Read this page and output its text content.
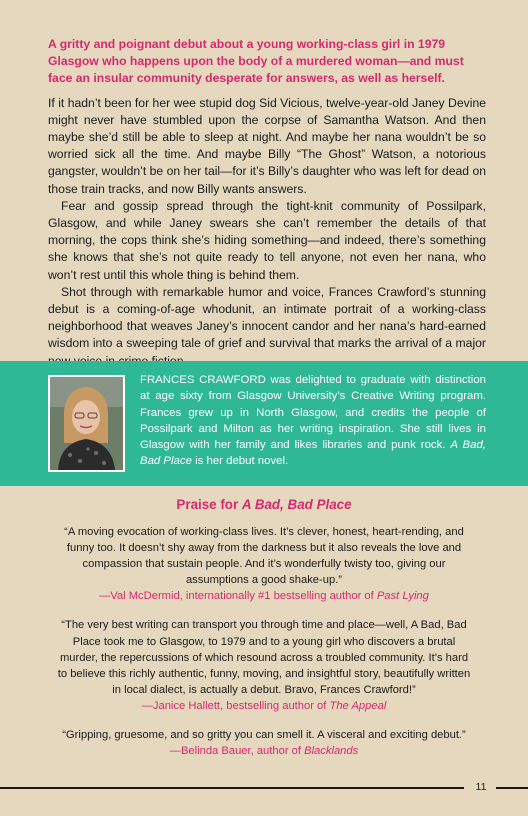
A gritty and poignant debut about a young working-class girl in 1979 Glasgow who happens upon the body of a murdered woman—and must face an insular community desperate for answers, as well as herself.

If it hadn’t been for her wee stupid dog Sid Vicious, twelve-year-old Janey Devine might never have stumbled upon the corpse of Samantha Watson. And then maybe she’d still be able to sleep at night. And maybe her nana wouldn’t be so worried sick all the time. And maybe Billy “The Ghost” Watson, a notorious gangster, wouldn’t be on her tail—for it’s Billy’s daughter who was left for dead on those train tracks, and now Billy wants answers.

Fear and gossip spread through the tight-knit community of Possilpark, Glasgow, and while Janey swears she can’t remember the details of that morning, the cops think she’s hiding something—and indeed, there’s something she knows that she’s not quite ready to tell anyone, not even her nana, who won’t rest until this whole thing is behind them.

Shot through with remarkable humor and voice, Frances Crawford’s stunning debut is a coming-of-age whodunit, an intimate portrait of a working-class neighborhood that weaves Janey’s innocent candor and her nana’s hard-earned wisdom into a sweeping tale of grief and survival that marks the arrival of a major

FRANCES CRAWFORD was delighted to graduate with distinction at age sixty from Glasgow University’s Creative Writing program. Frances grew up in North Glasgow, and credits the people of Possilpark and Milton as her writing inspiration. She still lives in Glasgow with her family and likes libraries and punk rock. A Bad, Bad Place is her debut novel.

Praise for A Bad, Bad Place

“A moving evocation of working-class lives. It’s clever, honest, heart-rending, and funny too. It doesn’t shy away from the darkness but it also reveals the love and compassion that sustain people. And it’s wonderfully twisty too, giving our assumptions a good shake-up.”

—Val McDermid, internationally #1 bestselling author of Past Lying

“The very best writing can transport you through time and place—well, A Bad, Bad Place took me to Glasgow, to 1979 and to a young girl who discovers a brutal murder, the repercussions of which resound across a troubled community. It’s hard to believe this richly authentic, funny, moving, and insightful story, beautifully written in local dialect, is actually a debut. Bravo, Frances Crawford!”

—Janice Hallett, bestselling author of The Appeal

“Gripping, gruesome, and so gritty you can smell it. A visceral and exciting debut.”

—Belinda Bauer, author of Blacklands

11
